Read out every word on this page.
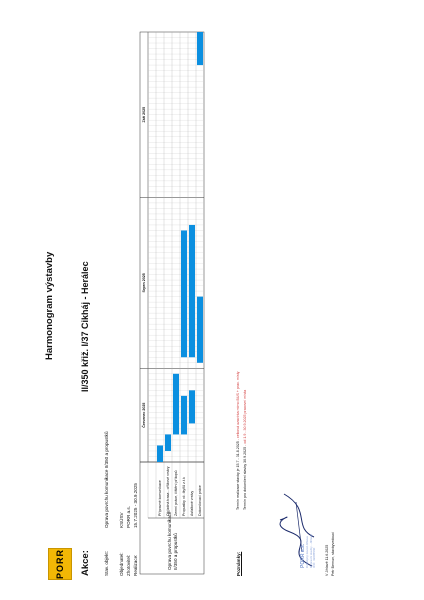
PORR	Akce:
Harmonogram výstavby	II/350 křiž. I/37 Cikháj - Herálec
Stav. objekt:
Oprava povrchu komunikace II/350 a propustků
Objednatel:
KSÚSV
Zhotovitel:
PORR a.s.
Realizace:
15.7.2025 - 30.9.2025
Oprava povrchu komunikace II/350 a propustků
Přípravné komunikace Objízdná trasa - ořfižové vrstvy Zemní práce, čištění příkopů Propustky vč. čtyřlů z.t.k Asfaltové vrstvy Dokončovací práce
Červenec 2025
Srpen 2025
Září 2025
Poznámky:
Termín realizace stavby je 15.7 - 31.8.2025 - celková uzavírka mimo BUS + prac. místy
Termín pro dokončení stavby 30.9.2025 - od 1.9 - 30.9.2025 pracovní místa
V Jihlavě 11.6.2025 Petr Bernun, stavbyvedoucí
PORR a.s. Odštěpný závod Jihlava Dopravní stavby - Jihlava IČO: 43005560
